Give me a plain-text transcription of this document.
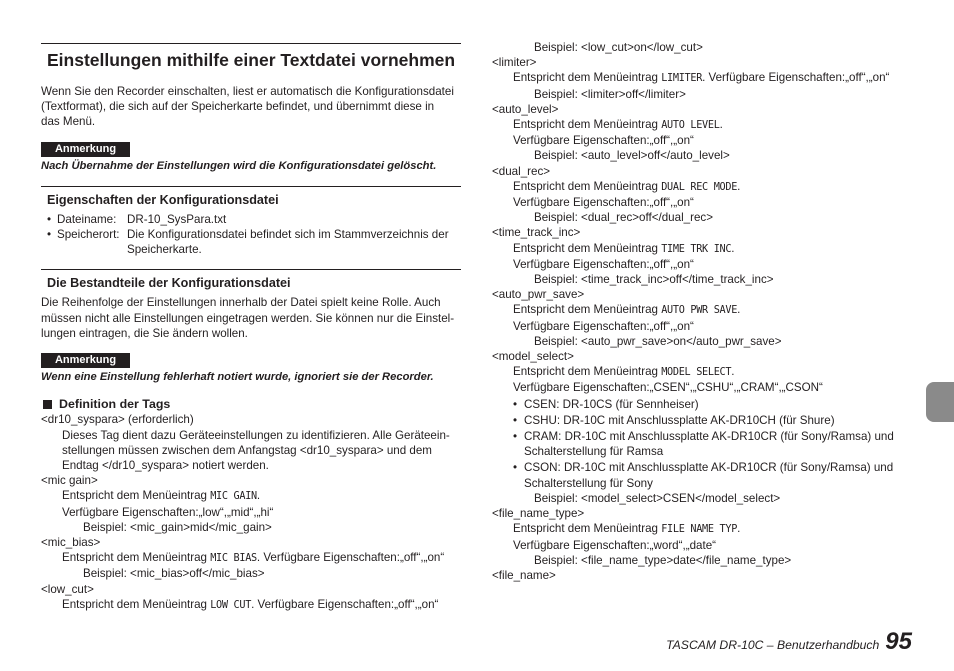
Einstellungen mithilfe einer Textdatei vornehmen

Wenn Sie den Recorder einschalten, liest er automatisch die Konfigurationsdatei

(Textformat), die sich auf der Speicherkarte befindet, und übernimmt diese in

das Menü.

Anmerkung
Nach Übernahme der Einstellungen wird die Konfigurationsdatei gelöscht.
Eigenschaften der Konfigurationsdatei
• Dateiname: DR-10_SysPara.txt
• Speicherort: Die Konfigurationsdatei befindet sich im Stammverzeichnis der
Speicherkarte.
Die Bestandteile der Konfigurationsdatei

Die Reihenfolge der Einstellungen innerhalb der Datei spielt keine Rolle. Auch

müssen nicht alle Einstellungen eingetragen werden. Sie können nur die Einstel-

lungen eintragen, die Sie ändern wollen.

Anmerkung
Wenn eine Einstellung fehlerhaft notiert wurde, ignoriert sie der Recorder.
Definition der Tags
<dr10_syspara> (erforderlich)
Dieses Tag dient dazu Geräteeinstellungen zu identifizieren. Alle Geräteein-
stellungen müssen zwischen dem Anfangstag <dr10_syspara> und dem
Endtag </dr10_syspara> notiert werden.
<mic gain>
Entspricht dem Menüeintrag MIC GAIN.
Verfügbare Eigenschaften:„low“,„mid“,„hi“
Beispiel: <mic_gain>mid</mic_gain>
<mic_bias>
Entspricht dem Menüeintrag MIC BIAS. Verfügbare Eigenschaften:„off“,„on“
Beispiel: <mic_bias>off</mic_bias>
<low_cut>
Entspricht dem Menüeintrag LOW CUT. Verfügbare Eigenschaften:„off“,„on“
Beispiel: <low_cut>on</low_cut>
<limiter>
Entspricht dem Menüeintrag LIMITER. Verfügbare Eigenschaften:„off“,„on“
Beispiel: <limiter>off</limiter>
<auto_level>
Entspricht dem Menüeintrag AUTO LEVEL.
Verfügbare Eigenschaften:„off“,„on“
Beispiel: <auto_level>off</auto_level>
<dual_rec>
Entspricht dem Menüeintrag DUAL REC MODE.
Verfügbare Eigenschaften:„off“,„on“
Beispiel: <dual_rec>off</dual_rec>
<time_track_inc>
Entspricht dem Menüeintrag TIME TRK INC.
Verfügbare Eigenschaften:„off“,„on“
Beispiel: <time_track_inc>off</time_track_inc>
<auto_pwr_save>
Entspricht dem Menüeintrag AUTO PWR SAVE.
Verfügbare Eigenschaften:„off“,„on“
Beispiel: <auto_pwr_save>on</auto_pwr_save>
<model_select>
Entspricht dem Menüeintrag MODEL SELECT.
Verfügbare Eigenschaften:„CSEN“,„CSHU“,„CRAM“,„CSON“
• CSEN: DR-10CS (für Sennheiser)
• CSHU: DR-10C mit Anschlussplatte AK-DR10CH (für Shure)
• CRAM: DR-10C mit Anschlussplatte AK-DR10CR (für Sony/Ramsa) und
Schalterstellung für Ramsa
• CSON: DR-10C mit Anschlussplatte AK-DR10CR (für Sony/Ramsa) und
Schalterstellung für Sony
Beispiel: <model_select>CSEN</model_select>
<file_name_type>
Entspricht dem Menüeintrag FILE NAME TYP.
Verfügbare Eigenschaften:„word“,„date“
Beispiel: <file_name_type>date</file_name_type>
<file_name>
TASCAM DR-10C – Benutzerhandbuch 95
